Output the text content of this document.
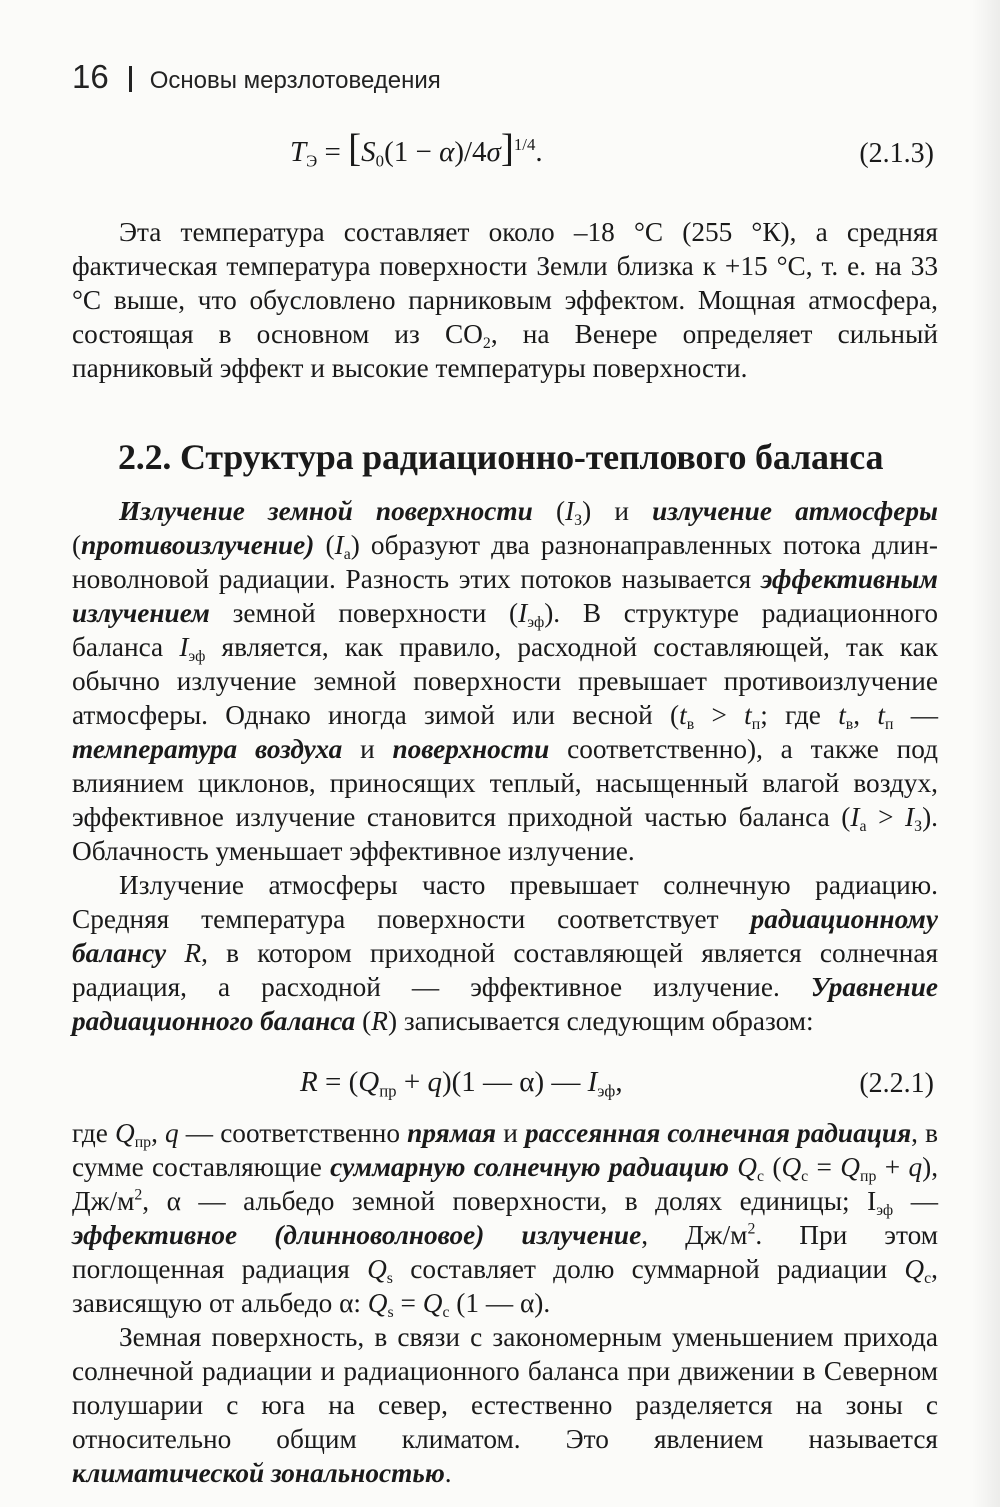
16 Основы мерзлотоведения
$T_Э = [S_0(1 - \alpha)/4\sigma]^{1/4}$.	(2.1.3)

Эта температура составляет около –18 °С (255 °К), а средняя фактическая температура поверхности Земли близка к +15 °С, т. е. на 33 °С выше, что обусловлено парниковым эффектом. Мощная атмосфера, состоящая в основном из $CO_2$, на Венере определяет сильный парниковый эффект и высокие температуры поверхности.

2.2. Структура радиационно-теплового баланса

Излучение земной поверхности $(I_З)$ и излучение атмосферы (противоизлучение) $(I_а)$ образуют два разнонаправленных потока длинноволновой радиации. Разность этих потоков называется эффективным излучением земной поверхности $(I_{эф})$. В структуре радиационного баланса $I_{эф}$ является, как правило, расходной составляющей, так как обычно излучение земной поверхности превышает противоизлучение атмосферы. Однако иногда зимой или весной ($t_в > t_п$; где $t_в$, $t_п$ — температура воздуха и поверхности соответственно), а также под влиянием циклонов, приносящих теплый, насыщенный влагой воздух, эффективное излучение становится приходной частью баланса $(I_а > I_З)$. Облачность уменьшает эффективное излучение.

Излучение атмосферы часто превышает солнечную радиацию. Средняя температура поверхности соответствует радиационному балансу R, в котором приходной составляющей является солнечная радиация, а расходной — эффективное излучение. Уравнение радиационного баланса (R) записывается следующим образом:

$R = (Q_{пр} + q)(1$ — α) — $I_{эф}$,	(2.2.1)

где $Q_{пр}$, q — соответственно прямая и рассеянная солнечная радиация, в сумме составляющие суммарную солнечную радиацию $Q_c$ $(Q_c = Q_{пр} + q)$, $Дж/м^2$, α — альбедо земной поверхности, в долях единицы; $I_{эф}$ — эффективное (длинноволновое) излучение, $Дж/м^2$. При этом поглощенная радиация $Q_s$ составляет долю суммарной радиации $Q_c$, зависящую от альбедо α: $Q_s = Q_c$ (1 — α).

Земная поверхность, в связи с закономерным уменьшением прихода солнечной радиации и радиационного баланса при движении в Северном полушарии с юга на север, естественно разделяется на зоны с относительно общим климатом. Это явлением называется климатической зональностью.
